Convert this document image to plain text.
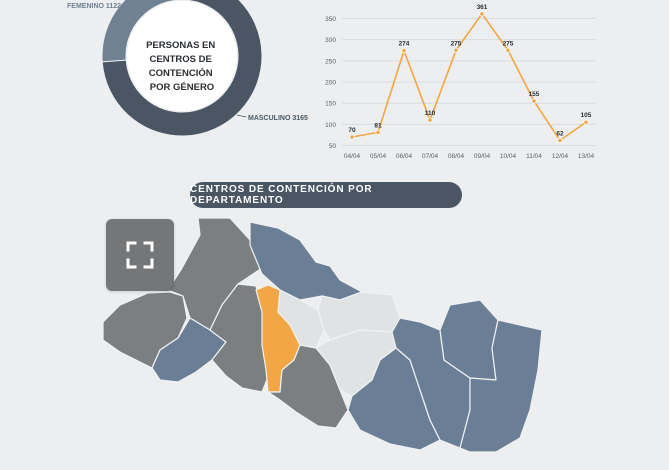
PERSONAS EN CENTROS DE CONTENCIÓN POR GÉNERO
FEMENINO 1122
MASCULINO 3165
50
100
150
200
250
300
350
04/04 05/04 06/04 07/04 08/04 09/04 10/04 11/04 12/04 13/04
70
81
274
110
275
361
275
155
62
105
CENTROS DE CONTENCIÓN POR DEPARTAMENTO
